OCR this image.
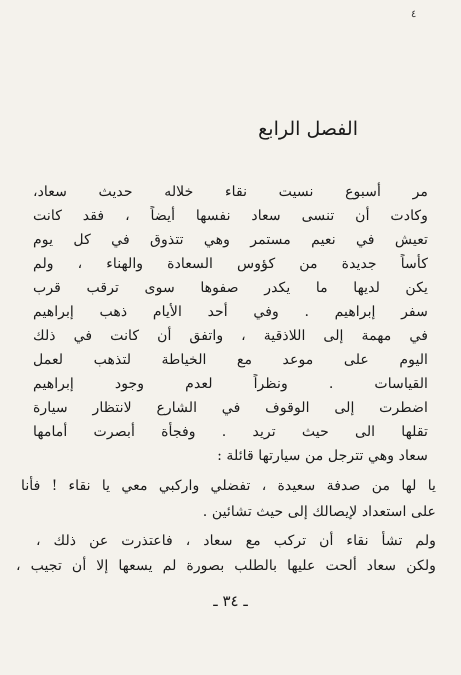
٤
الفصل الرابع
مر أسبوع نسيت نقاء خلاله حديث سعاد،
وكادت أن تنسى سعاد نفسها أيضاً ، فقد كانت
تعيش في نعيم مستمر وهي تتذوق في كل يوم
كأساً جديدة من كؤوس السعادة والهناء ، ولم
يكن لديها ما يكدر صفوها سوى ترقب قرب
سفر إبراهيم . وفي أحد الأيام ذهب إبراهيم
في مهمة إلى اللاذقية ، واتفق أن كانت في ذلك
اليوم على موعد مع الخياطة لتذهب لعمل
القياسات . ونظراً لعدم وجود إبراهيم
اضطرت إلى الوقوف في الشارع لانتظار سيارة
تقلها الى حيث تريد . وفجأة أبصرت أمامها
سعاد وهي تترجل من سيارتها قائلة :
يا لها من صدفة سعيدة ، تفضلي واركبي معي يا نقاء ! فأنا
على استعداد لإيصالك إلى حيث تشائين .
ولم تشأ نقاء أن تركب مع سعاد ، فاعتذرت عن ذلك ،
ولكن سعاد ألحت عليها بالطلب بصورة لم يسعها إلا أن تجيب ،
ـ ٣٤ ـ
